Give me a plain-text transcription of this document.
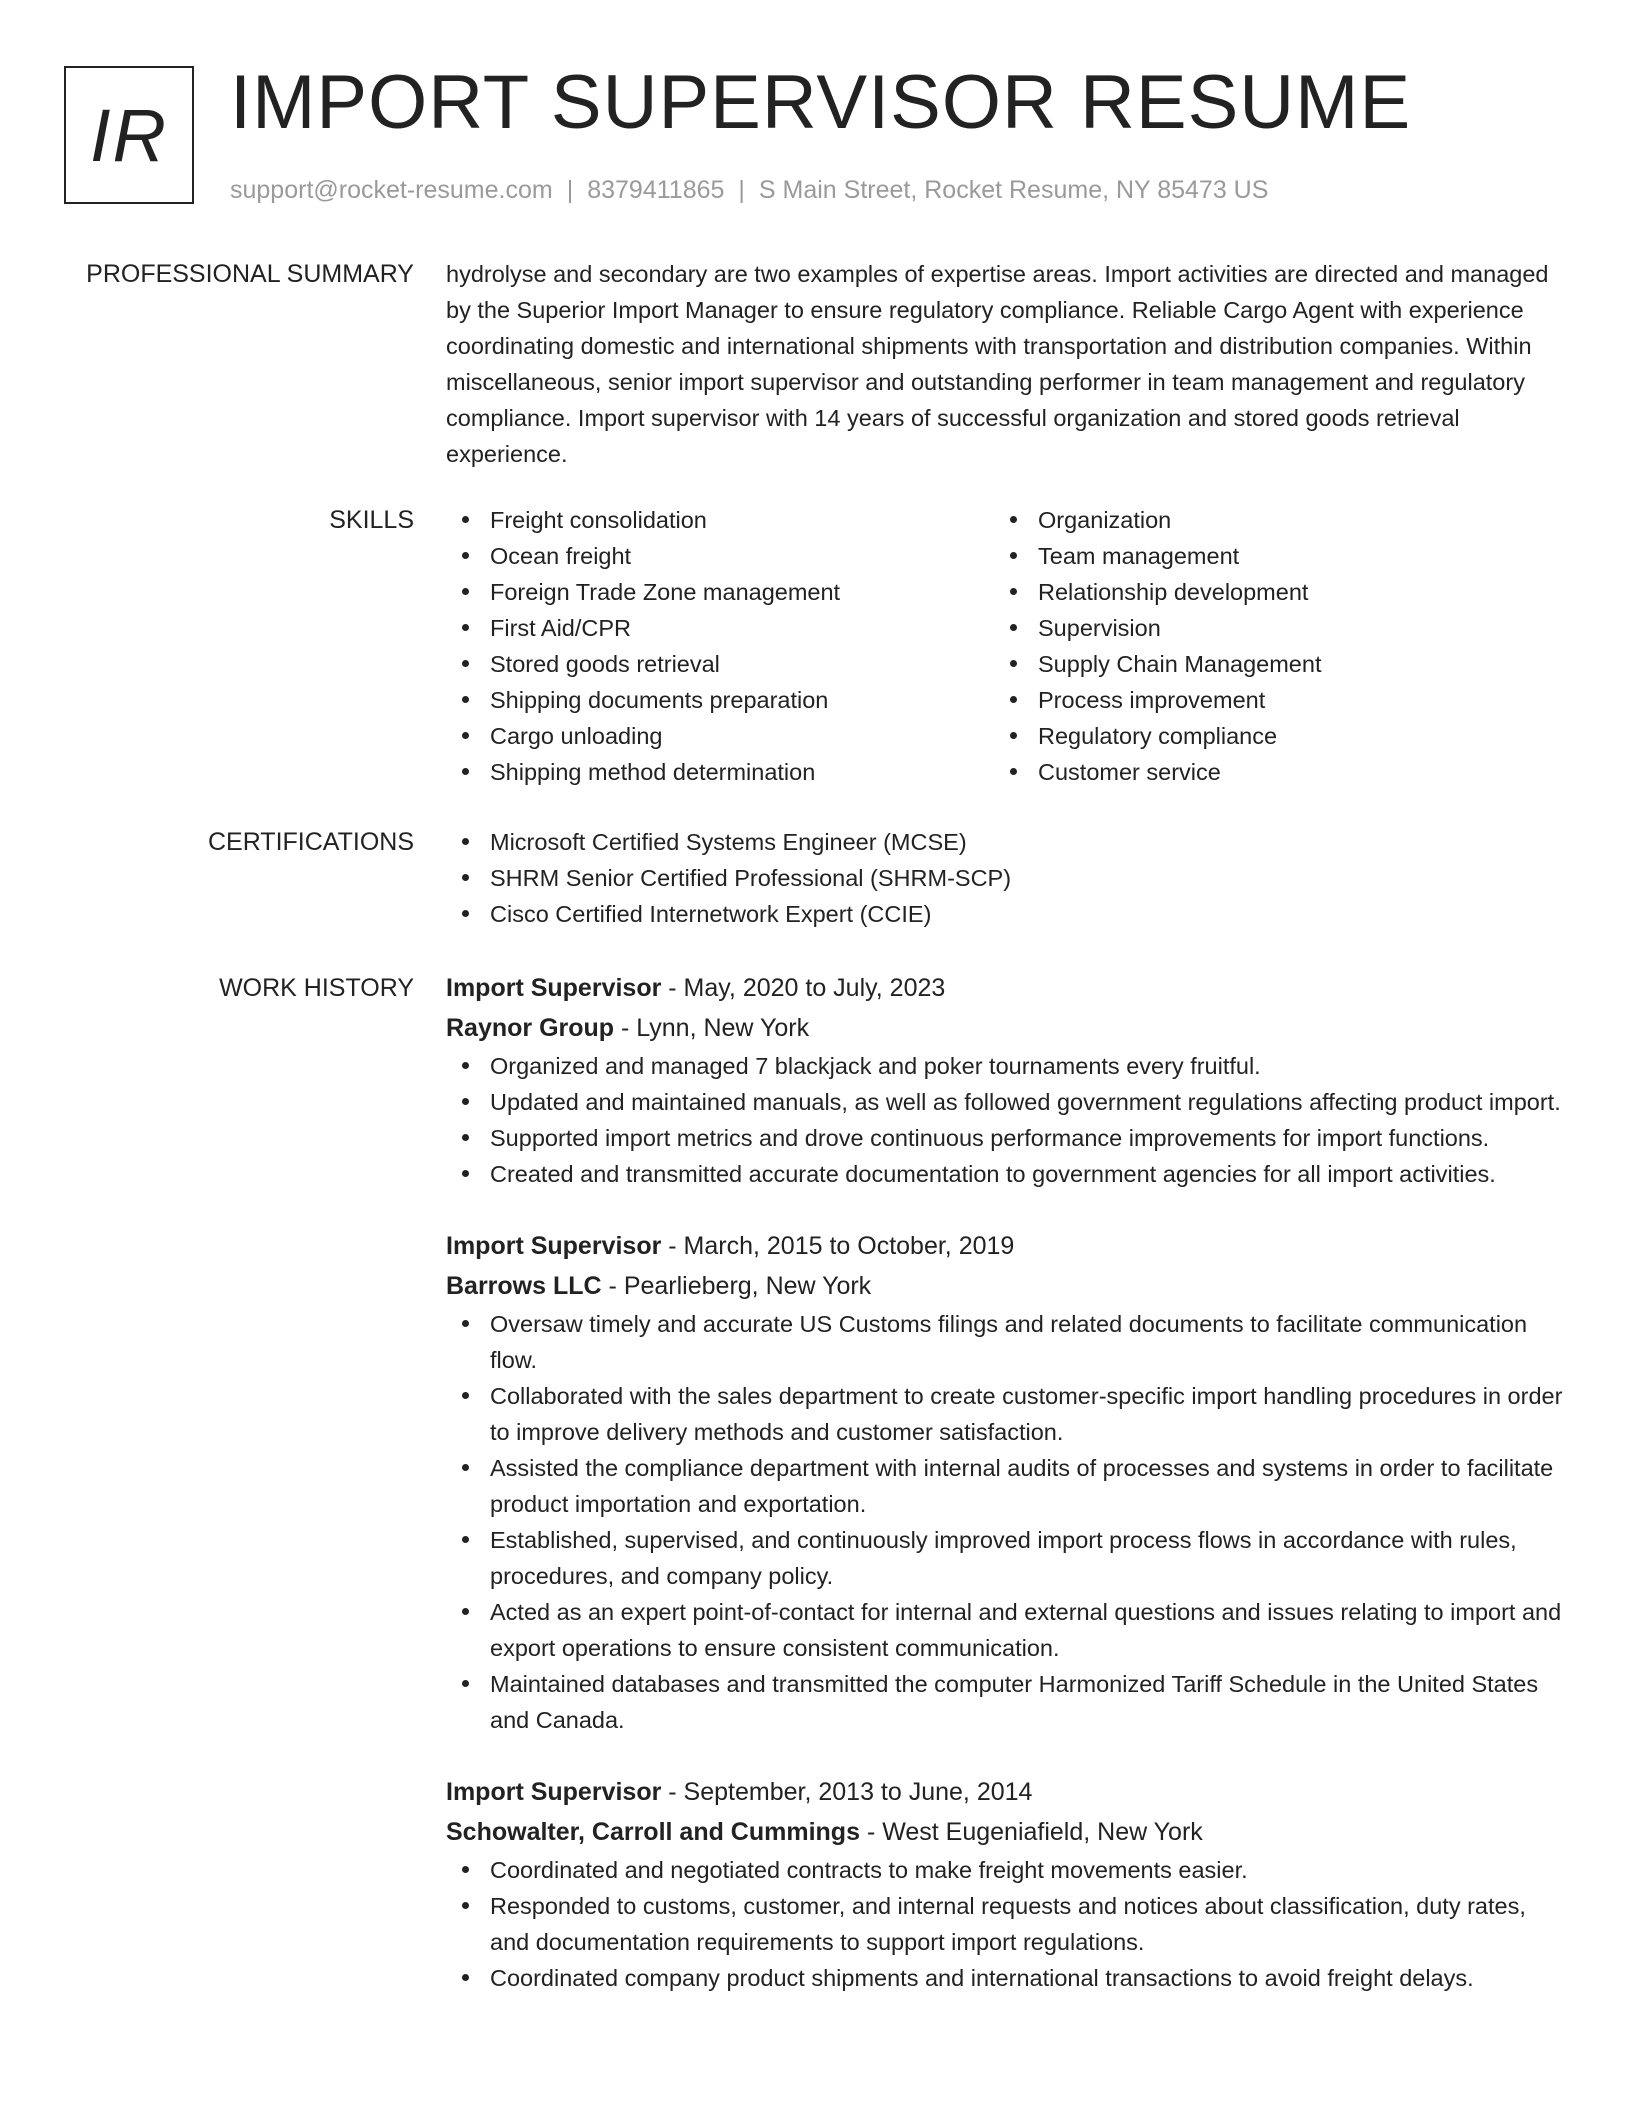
IR IMPORT SUPERVISOR RESUME
support@rocket-resume.com | 8379411865 | S Main Street, Rocket Resume, NY 85473 US
PROFESSIONAL SUMMARY hydrolyse and secondary are two examples of expertise areas. Import activities are directed and managed by the Superior Import Manager to ensure regulatory compliance. Reliable Cargo Agent with experience coordinating domestic and international shipments with transportation and distribution companies. Within miscellaneous, senior import supervisor and outstanding performer in team management and regulatory compliance. Import supervisor with 14 years of successful organization and stored goods retrieval experience.

SKILLS	Freight consolidation
Ocean freight
Foreign Trade Zone management
First Aid/CPR
Stored goods retrieval
Shipping documents preparation
Cargo unloading
Shipping method determination
Organization
Team management
Relationship development
Supervision
Supply Chain Management
Process improvement
Regulatory compliance
Customer service
CERTIFICATIONS	Microsoft Certified Systems Engineer (MCSE)
SHRM Senior Certified Professional (SHRM-SCP)
Cisco Certified Internetwork Expert (CCIE)
WORK HISTORY Import Supervisor - May, 2020 to July, 2023
Raynor Group - Lynn, New York
Organized and managed 7 blackjack and poker tournaments every fruitful.
Updated and maintained manuals, as well as followed government regulations affecting product import.
Supported import metrics and drove continuous performance improvements for import functions.
Created and transmitted accurate documentation to government agencies for all import activities.
Import Supervisor - March, 2015 to October, 2019
Barrows LLC - Pearlieberg, New York
Oversaw timely and accurate US Customs filings and related documents to facilitate communication flow.
Collaborated with the sales department to create customer-specific import handling procedures in order to improve delivery methods and customer satisfaction.
Assisted the compliance department with internal audits of processes and systems in order to facilitate product importation and exportation.
Established, supervised, and continuously improved import process flows in accordance with rules, procedures, and company policy.
Acted as an expert point-of-contact for internal and external questions and issues relating to import and export operations to ensure consistent communication.
Maintained databases and transmitted the computer Harmonized Tariff Schedule in the United States and Canada.
Import Supervisor - September, 2013 to June, 2014
Schowalter, Carroll and Cummings - West Eugeniafield, New York
Coordinated and negotiated contracts to make freight movements easier.
Responded to customs, customer, and internal requests and notices about classification, duty rates, and documentation requirements to support import regulations.
Coordinated company product shipments and international transactions to avoid freight delays.
